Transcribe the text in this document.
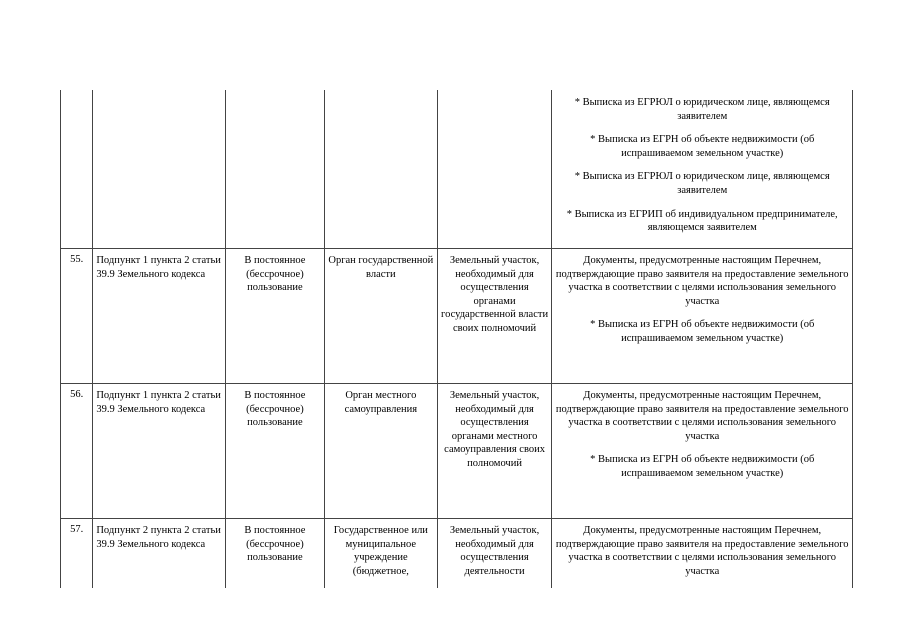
					* Выписка из ЕГРЮЛ о юридическом лице, являющемся заявителем

* Выписка из ЕГРН об объекте недвижимости (об испрашиваемом земельном участке)

* Выписка из ЕГРЮЛ о юридическом лице, являющемся заявителем

* Выписка из ЕГРИП об индивидуальном предпринимателе, являющемся заявителем

55.	Подпункт 1 пункта 2 статьи 39.9 Земельного кодекса	В постоянное (бессрочное) пользование	Орган государственной власти	Земельный участок, необходимый для осуществления органами государственной власти своих полномочий	Документы, предусмотренные настоящим Перечнем, подтверждающие право заявителя на предоставление земельного участка в соответствии с целями использования земельного участка

* Выписка из ЕГРН об объекте недвижимости (об испрашиваемом земельном участке)

56.	Подпункт 1 пункта 2 статьи 39.9 Земельного кодекса	В постоянное (бессрочное) пользование	Орган местного самоуправления	Земельный участок, необходимый для осуществления органами местного самоуправления своих полномочий	Документы, предусмотренные настоящим Перечнем, подтверждающие право заявителя на предоставление земельного участка в соответствии с целями использования земельного участка

* Выписка из ЕГРН об объекте недвижимости (об испрашиваемом земельном участке)

57.	Подпункт 2 пункта 2 статьи 39.9 Земельного кодекса	В постоянное (бессрочное) пользование	Государственное или муниципальное учреждение (бюджетное,	Земельный участок, необходимый для осуществления деятельности	Документы, предусмотренные настоящим Перечнем, подтверждающие право заявителя на предоставление земельного участка в соответствии с целями использования земельного участка
